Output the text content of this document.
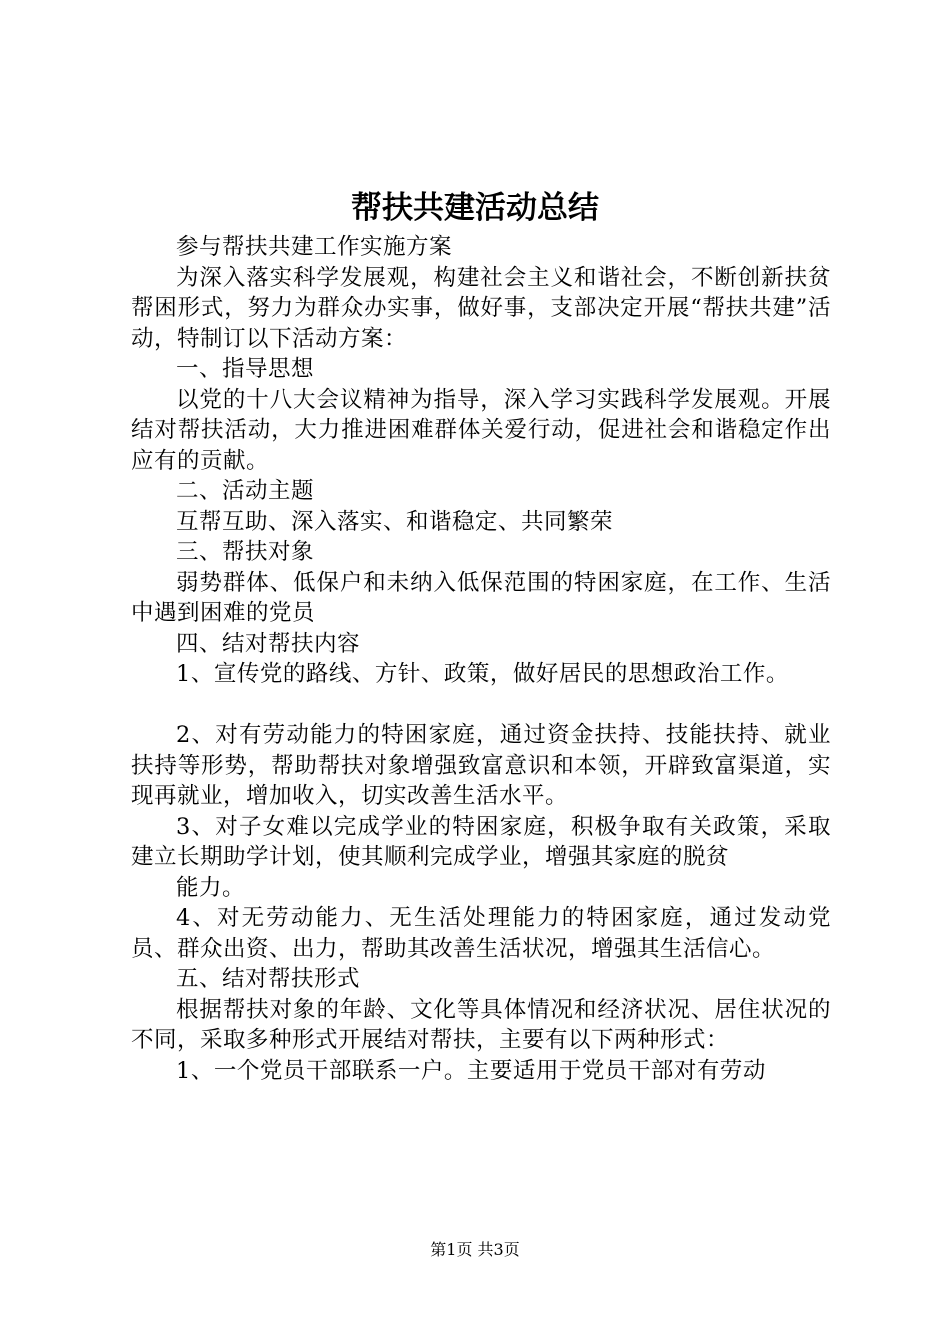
帮扶共建活动总结

参与帮扶共建工作实施方案

为深入落实科学发展观，构建社会主义和谐社会，不断创新扶贫帮困形式，努力为群众办实事，做好事，支部决定开展“帮扶共建”活动，特制订以下活动方案：

一、指导思想

以党的十八大会议精神为指导，深入学习实践科学发展观。开展结对帮扶活动，大力推进困难群体关爱行动，促进社会和谐稳定作出应有的贡献。

二、活动主题

互帮互助、深入落实、和谐稳定、共同繁荣

三、帮扶对象

弱势群体、低保户和未纳入低保范围的特困家庭，在工作、生活中遇到困难的党员

四、结对帮扶内容

1、宣传党的路线、方针、政策，做好居民的思想政治工作。

2、对有劳动能力的特困家庭，通过资金扶持、技能扶持、就业扶持等形势，帮助帮扶对象增强致富意识和本领，开辟致富渠道，实现再就业，增加收入，切实改善生活水平。

3、对子女难以完成学业的特困家庭，积极争取有关政策，采取建立长期助学计划，使其顺利完成学业，增强其家庭的脱贫

能力。

4、对无劳动能力、无生活处理能力的特困家庭，通过发动党员、群众出资、出力，帮助其改善生活状况，增强其生活信心。

五、结对帮扶形式

根据帮扶对象的年龄、文化等具体情况和经济状况、居住状况的不同，采取多种形式开展结对帮扶，主要有以下两种形式：

1、一个党员干部联系一户。主要适用于党员干部对有劳动

第1页 共3页
